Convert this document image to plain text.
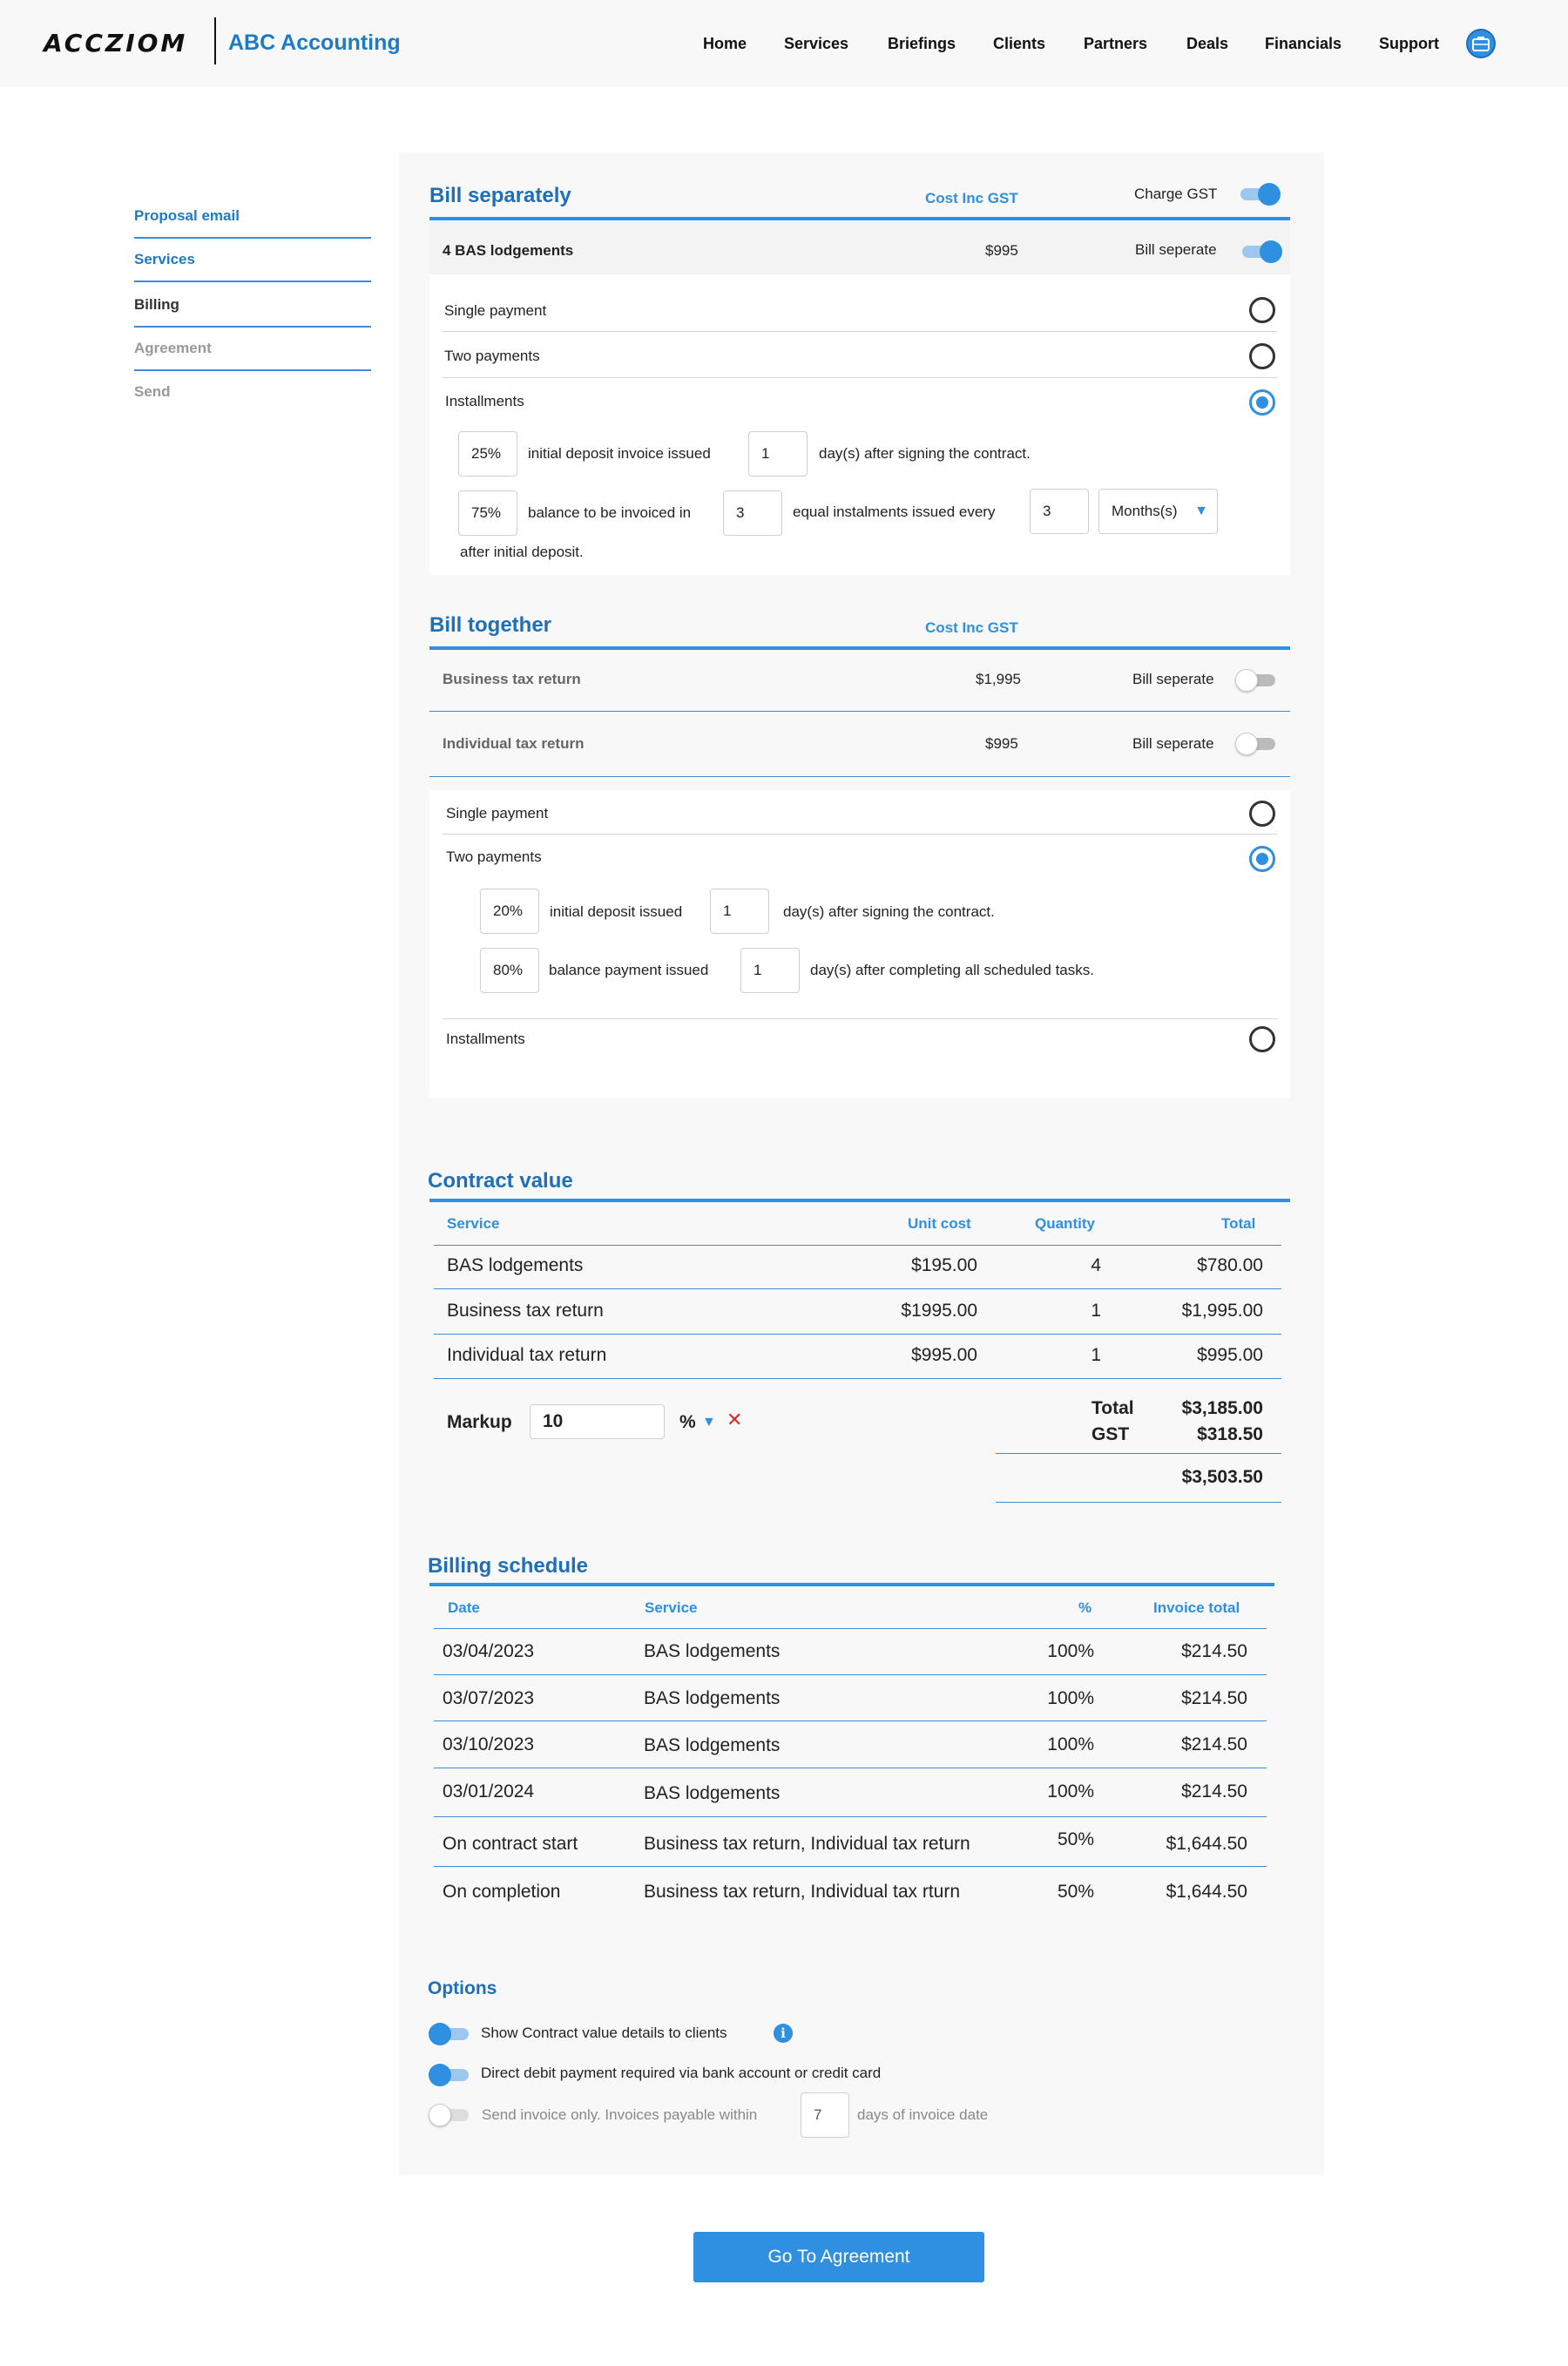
ACCZIOM ABC Accounting	Home Services Briefings Clients Partners Deals Financials Support
Proposal email
Services
Billing
Agreement
Send
Bill separately	Cost Inc GST	Charge GST
4 BAS lodgements	$995	Bill seperate
Single payment
Two payments
Installments
25%	initial deposit invoice issued	1	day(s) after signing the contract.
75%	balance to be invoiced in	3	equal instalments issued every	3	Months(s) ▼
after initial deposit.
Bill together	Cost Inc GST
Business tax return	$1,995	Bill seperate
Individual tax return	$995	Bill seperate
Single payment
Two payments
20%	initial deposit issued	1	day(s) after signing the contract.
80%	balance payment issued	1	day(s) after completing all scheduled tasks.
Installments
Contract value
Service	Unit cost	Quantity	Total
BAS lodgements	$195.00	4	$780.00
Business tax return	$1995.00	1	$1,995.00
Individual tax return	$995.00	1	$995.00
Markup	10	% ▼ ✕
Total	$3,185.00
GST	$318.50
$3,503.50
Billing schedule
Date	Service	%	Invoice total
03/04/2023	BAS lodgements	100%	$214.50
03/07/2023	BAS lodgements	100%	$214.50
03/10/2023	BAS lodgements	100%	$214.50
03/01/2024	BAS lodgements	100%	$214.50
On contract start	Business tax return, Individual tax return	50%	$1,644.50
On completion	Business tax return, Individual tax rturn	50%	$1,644.50
Options
Show Contract value details to clients	i
Direct debit payment required via bank account or credit card
Send invoice only. Invoices payable within	7	days of invoice date
Go To Agreement
